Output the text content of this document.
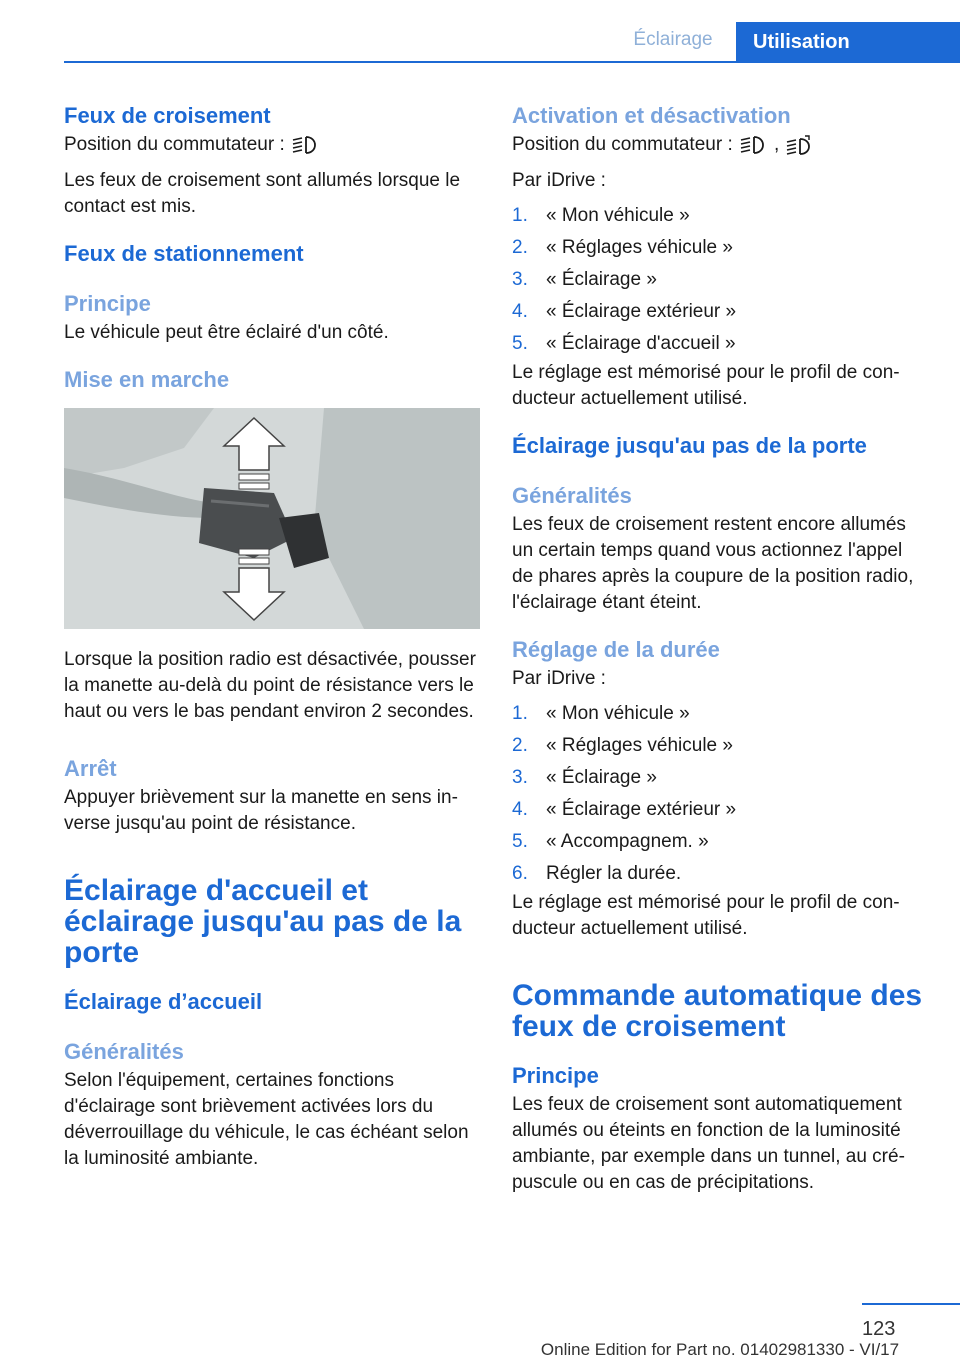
Éclairage	Utilisation
Feux de croisement

Position du commutateur :

Les feux de croisement sont allumés lorsque le contact est mis.

Feux de stationnement
Principe

Le véhicule peut être éclairé d'un côté.

Mise en marche

Lorsque la position radio est désactivée, pousser la manette au-delà du point de résistance vers le haut ou vers le bas pendant environ 2 secondes.

Arrêt

Appuyer brièvement sur la manette en sens inverse jusqu'au point de résistance.

Éclairage d'accueil et éclairage jusqu'au pas de la porte
Éclairage d’accueil
Généralités

Selon l'équipement, certaines fonctions d'éclairage sont brièvement activées lors du déverrouillage du véhicule, le cas échéant selon la luminosité ambiante.

Activation et désactivation

Position du commutateur : ,

Par iDrive :

1. « Mon véhicule »
2. « Réglages véhicule »
3. « Éclairage »
4. « Éclairage extérieur »
5. « Éclairage d'accueil »

Le réglage est mémorisé pour le profil de conducteur actuellement utilisé.

Éclairage jusqu'au pas de la porte
Généralités

Les feux de croisement restent encore allumés un certain temps quand vous actionnez l'appel de phares après la coupure de la position radio, l'éclairage étant éteint.

Réglage de la durée

Par iDrive :

1. « Mon véhicule »
2. « Réglages véhicule »
3. « Éclairage »
4. « Éclairage extérieur »
5. « Accompagnem. »
6. Régler la durée.

Le réglage est mémorisé pour le profil de conducteur actuellement utilisé.

Commande automatique des feux de croisement
Principe

Les feux de croisement sont automatiquement allumés ou éteints en fonction de la luminosité ambiante, par exemple dans un tunnel, au crépuscule ou en cas de précipitations.

123
Online Edition for Part no. 01402981330 - VI/17
